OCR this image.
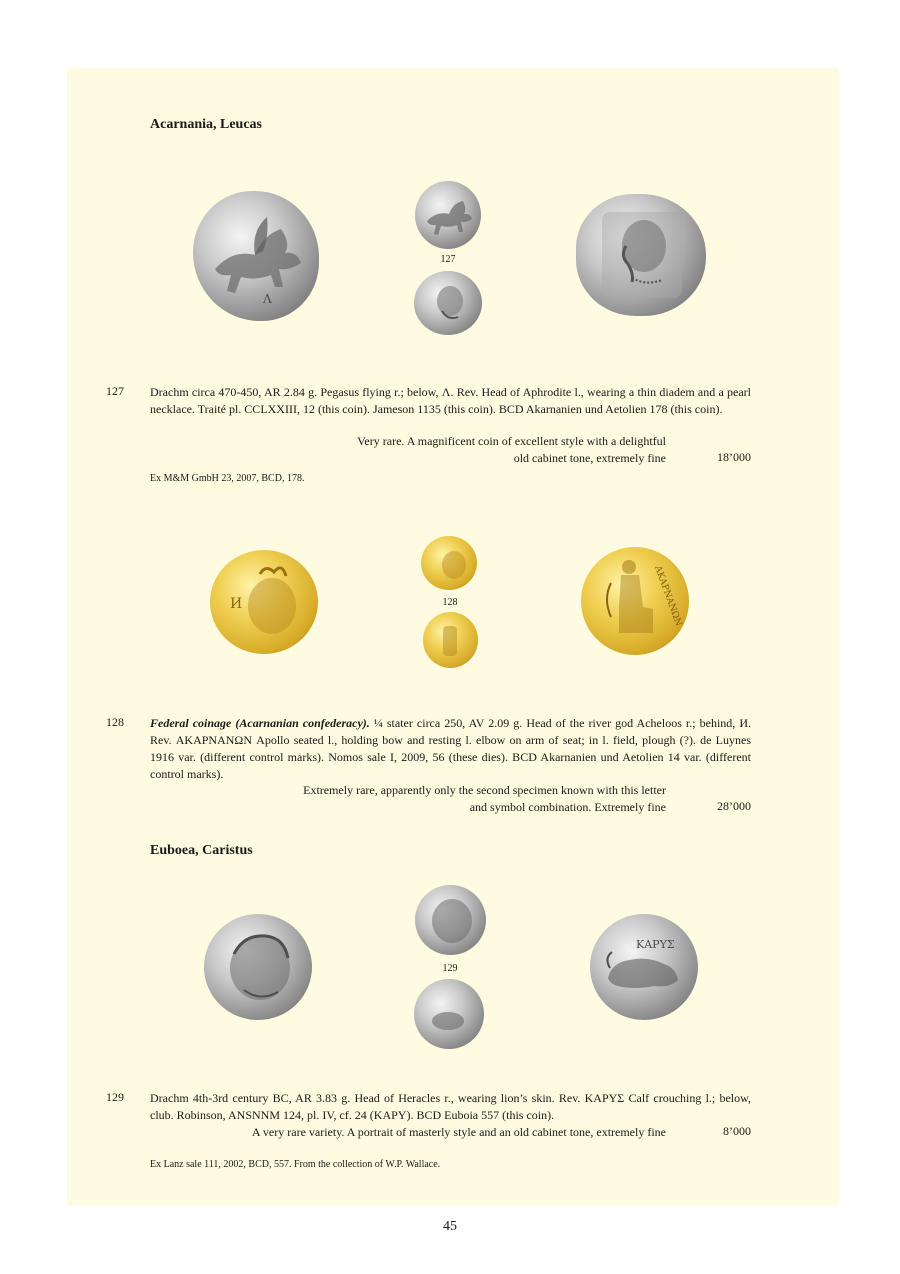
Acarnania, Leucas
Λ
127
127 Drachm circa 470-450, AR 2.84 g. Pegasus flying r.; below, Λ. Rev. Head of Aphrodite l., wearing a thin diadem and a pearl necklace. Traité pl. CCLXXIII, 12 (this coin). Jameson 1135 (this coin). BCD Akarnanien und Aetolien 178 (this coin).

Very rare. A magnificent coin of excellent style with a delightful
old cabinet tone, extremely fine	18’000
Ex M&M GmbH 23, 2007, BCD, 178.
И	128	ΑΚΑΡΝΑΝΩΝ
128 Federal coinage (Acarnanian confederacy). ¼ stater circa 250, AV 2.09 g. Head of the river god Acheloos r.; behind, И. Rev. ΑΚΑΡΝΑΝΩΝ Apollo seated l., holding bow and resting l. elbow on arm of seat; in l. field, plough (?). de Luynes 1916 var. (different control marks). Nomos sale I, 2009, 56 (these dies). BCD Akarnanien und Aetolien 14 var. (different control marks).

Extremely rare, apparently only the second specimen known with this letter
and symbol combination. Extremely fine	28’000
Euboea, Caristus
129
ΚΑΡΥΣ
129 Drachm 4th-3rd century BC, AR 3.83 g. Head of Heracles r., wearing lion’s skin. Rev. ΚΑΡΥΣ Calf crouching l.; below, club. Robinson, ANSNNM 124, pl. IV, cf. 24 (ΚΑΡΥ). BCD Euboia 557 (this coin).

A very rare variety. A portrait of masterly style and an old cabinet tone, extremely fine	8’000
Ex Lanz sale 111, 2002, BCD, 557. From the collection of W.P. Wallace.
45
